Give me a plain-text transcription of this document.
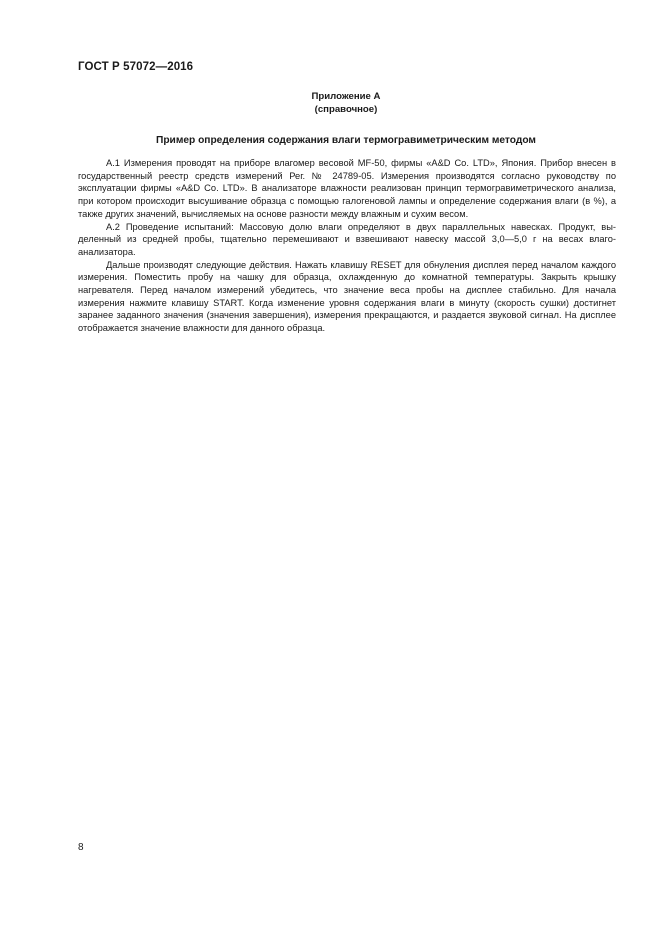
ГОСТ Р 57072—2016
Приложение А
(справочное)
Пример определения содержания влаги термогравиметрическим методом

А.1 Измерения проводят на приборе влагомер весовой MF-50, фирмы «A&D Co. LTD», Япония. Прибор внесен в государственный реестр средств измерений Рег. № 24789-05. Измерения производятся согласно руководству по эксплуатации фирмы «A&D Co. LTD». В анализаторе влажности реализован принцип термогравиметрического анализа, при котором происходит высушивание образца с помощью галогеновой лампы и определение содержания влаги (в %), а также других значений, вычисляемых на основе разности между влажным и сухим весом.

А.2 Проведение испытаний: Массовую долю влаги определяют в двух параллельных навесках. Продукт, выделенный из средней пробы, тщательно перемешивают и взвешивают навеску массой 3,0—5,0 г на весах влагоанализатора.

Дальше производят следующие действия. Нажать клавишу RESET для обнуления дисплея перед началом каждого измерения. Поместить пробу на чашку для образца, охлажденную до комнатной температуры. Закрыть крышку нагревателя. Перед началом измерений убедитесь, что значение веса пробы на дисплее стабильно. Для начала измерения нажмите клавишу START. Когда изменение уровня содержания влаги в минуту (скорость сушки) достигнет заранее заданного значения (значения завершения), измерения прекращаются, и раздается звуковой сигнал. На дисплее отображается значение влажности для данного образца.

8
